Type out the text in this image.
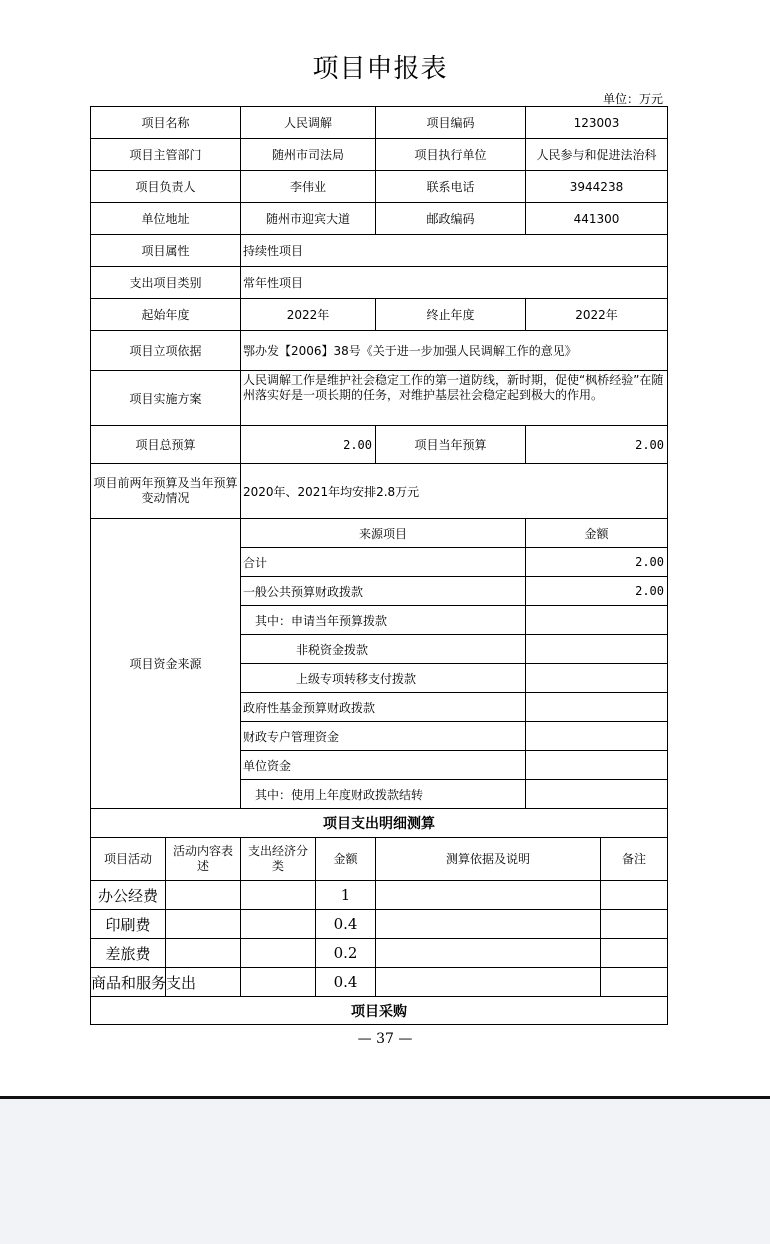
项目申报表
单位：万元
项目名称	人民调解	项目编码	123003
项目主管部门	随州市司法局	项目执行单位	人民参与和促进法治科
项目负责人	李伟业	联系电话	3944238
单位地址	随州市迎宾大道	邮政编码	441300
项目属性	持续性项目		
支出项目类别	常年性项目		
起始年度	2022年	终止年度	2022年
项目立项依据	鄂办发【2006】38号《关于进一步加强人民调解工作的意见》		
项目实施方案	人民调解工作是维护社会稳定工作的第一道防线，新时期，促使“枫桥经验”在随州落实好是一项长期的任务，对维护基层社会稳定起到极大的作用。		
项目总预算	2.00	项目当年预算	2.00
项目前两年预算及当年预算变动情况	2020年、2021年均安排2.8万元		
项目资金来源	来源项目		金额
	合计		2.00
	一般公共预算财政拨款		2.00
	其中：申请当年预算拨款		
	非税资金拨款		
	上级专项转移支付拨款		
	政府性基金预算财政拨款		
	财政专户管理资金		
	单位资金		
	其中：使用上年度财政拨款结转		
项目支出明细测算					
项目活动	活动内容表述	支出经济分类	金额	测算依据及说明	备注
办公经费			1		
印刷费			0.4		
差旅费			0.2		
商品和服务支出			0.4		
项目采购					
— 37 —
